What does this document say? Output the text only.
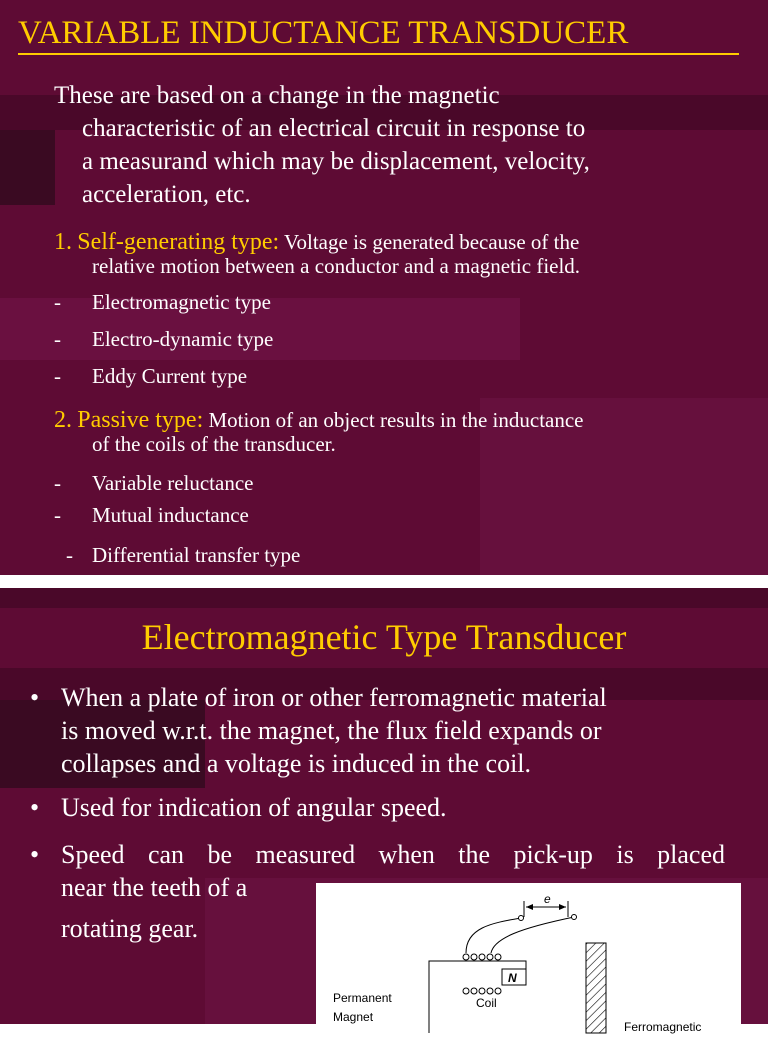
VARIABLE INDUCTANCE TRANSDUCER
These are based on a change in the magnetic
characteristic of an electrical circuit in response to
a measurand which may be displacement, velocity,
acceleration, etc.
1. Self-generating type: Voltage is generated because of the
relative motion between a conductor and a magnetic field.
- Electromagnetic type
- Electro-dynamic type
- Eddy Current type
2. Passive type: Motion of an object results in the inductance
of the coils of the transducer.
- Variable reluctance
- Mutual inductance
- Differential transfer type
Electromagnetic Type Transducer
• When a plate of iron or other ferromagnetic material
is moved w.r.t. the magnet, the flux field expands or
collapses and a voltage is induced in the coil.
• Used for indication of angular speed.
• Speed can be measured when the pick-up is placed
near the teeth of a
rotating gear.
e
N
Coil
Permanent
Magnet
Ferromagnetic
